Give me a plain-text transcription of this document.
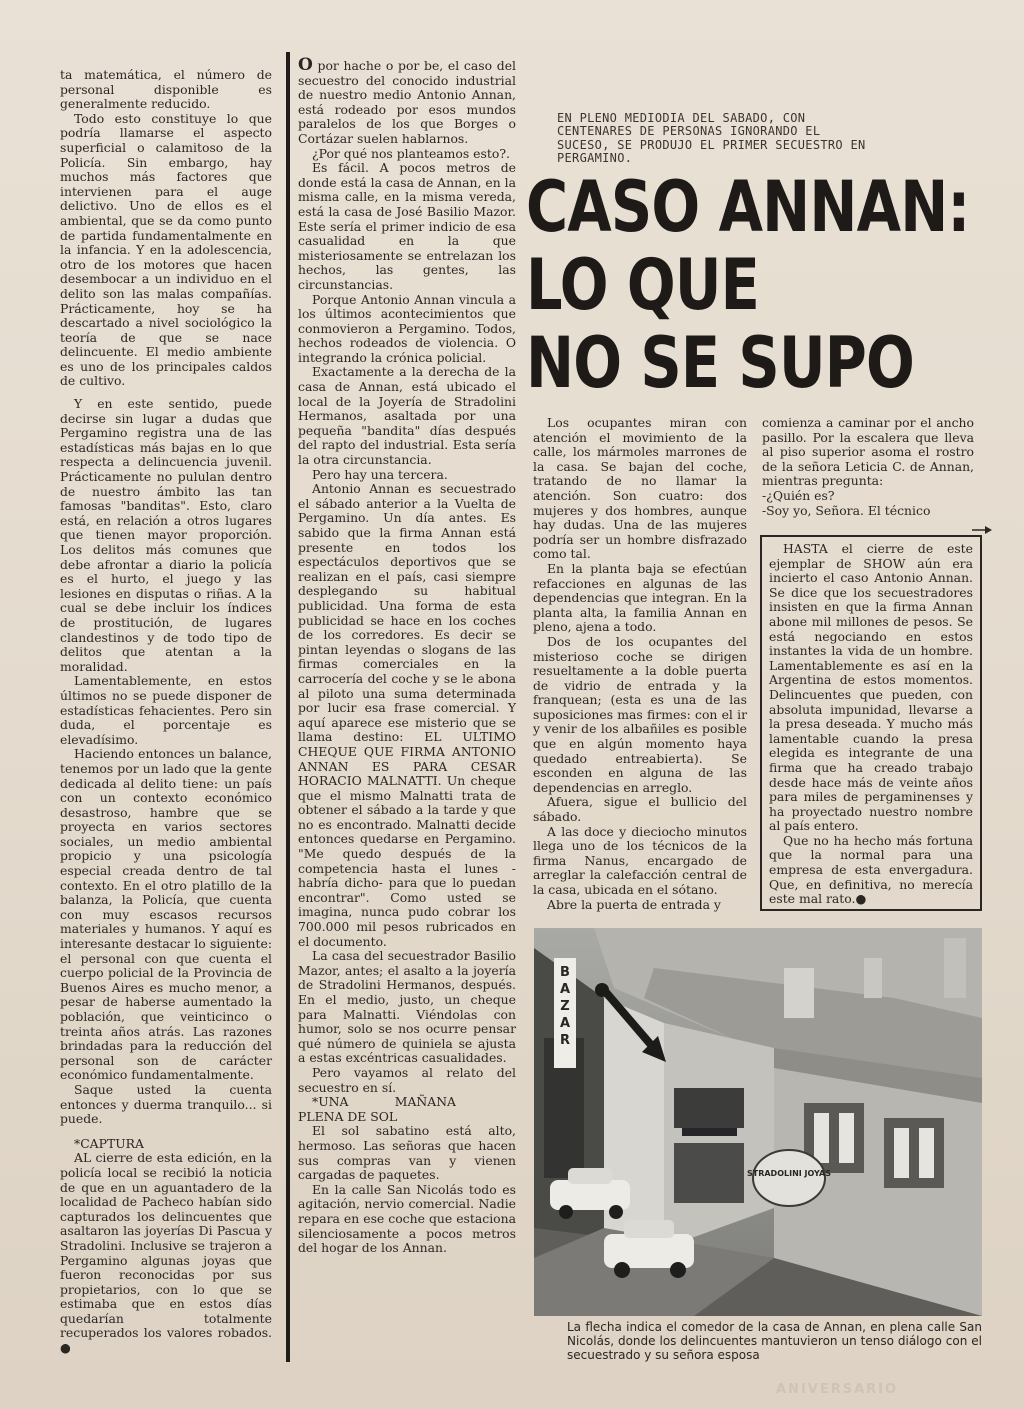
ta matemática, el número de personal disponible es generalmente reducido.

Todo esto constituye lo que podría llamarse el aspecto superficial o calamitoso de la Policía. Sin embargo, hay muchos más factores que intervienen para el auge delictivo. Uno de ellos es el ambiental, que se da como punto de partida fundamentalmente en la infancia. Y en la adolescencia, otro de los motores que hacen desembocar a un individuo en el delito son las malas compañías. Prácticamente, hoy se ha descartado a nivel sociológico la teoría de que se nace delincuente. El medio ambiente es uno de los principales caldos de cultivo.

Y en este sentido, puede decirse sin lugar a dudas que Pergamino registra una de las estadísticas más bajas en lo que respecta a delincuencia juvenil. Prácticamente no pululan dentro de nuestro ámbito las tan famosas "banditas". Esto, claro está, en relación a otros lugares que tienen mayor proporción. Los delitos más comunes que debe afrontar a diario la policía es el hurto, el juego y las lesiones en disputas o riñas. A la cual se debe incluir los índices de prostitución, de lugares clandestinos y de todo tipo de delitos que atentan a la moralidad.

Lamentablemente, en estos últimos no se puede disponer de estadísticas fehacientes. Pero sin duda, el porcentaje es elevadísimo.

Haciendo entonces un balance, tenemos por un lado que la gente dedicada al delito tiene: un país con un contexto económico desastroso, hambre que se proyecta en varios sectores sociales, un medio ambiental propicio y una psicología especial creada dentro de tal contexto. En el otro platillo de la balanza, la Policía, que cuenta con muy escasos recursos materiales y humanos. Y aquí es interesante destacar lo siguiente: el personal con que cuenta el cuerpo policial de la Provincia de Buenos Aires es mucho menor, a pesar de haberse aumentado la población, que veinticinco o treinta años atrás. Las razones brindadas para la reducción del personal son de carácter económico fundamentalmente.

Saque usted la cuenta entonces y duerma tranquilo... si puede.

*CAPTURA

AL cierre de esta edición, en la policía local se recibió la noticia de que en un aguantadero de la localidad de Pacheco habían sido capturados los delincuentes que asaltaron las joyerías Di Pascua y Stradolini. Inclusive se trajeron a Pergamino algunas joyas que fueron reconocidas por sus propietarios, con lo que se estimaba que en estos días quedarían totalmente recuperados los valores robados. ●

O por hache o por be, el caso del secuestro del conocido industrial de nuestro medio Antonio Annan, está rodeado por esos mundos paralelos de los que Borges o Cortázar suelen hablarnos.

¿Por qué nos planteamos esto?.

Es fácil. A pocos metros de donde está la casa de Annan, en la misma calle, en la misma vereda, está la casa de José Basilio Mazor. Este sería el primer indicio de esa casualidad en la que misteriosamente se entrelazan los hechos, las gentes, las circunstancias.

Porque Antonio Annan vincula a los últimos acontecimientos que conmovieron a Pergamino. Todos, hechos rodeados de violencia. O integrando la crónica policial.

Exactamente a la derecha de la casa de Annan, está ubicado el local de la Joyería de Stradolini Hermanos, asaltada por una pequeña "bandita" días después del rapto del industrial. Esta sería la otra circunstancia.

Pero hay una tercera.

Antonio Annan es secuestrado el sábado anterior a la Vuelta de Pergamino. Un día antes. Es sabido que la firma Annan está presente en todos los espectáculos deportivos que se realizan en el país, casi siempre desplegando su habitual publicidad. Una forma de esta publicidad se hace en los coches de los corredores. Es decir se pintan leyendas o slogans de las firmas comerciales en la carrocería del coche y se le abona al piloto una suma determinada por lucir esa frase comercial. Y aquí aparece ese misterio que se llama destino: EL ULTIMO CHEQUE QUE FIRMA ANTONIO ANNAN ES PARA CESAR HORACIO MALNATTI. Un cheque que el mismo Malnatti trata de obtener el sábado a la tarde y que no es encontrado. Malnatti decide entonces quedarse en Pergamino. "Me quedo después de la competencia hasta el lunes -habría dicho- para que lo puedan encontrar". Como usted se imagina, nunca pudo cobrar los 700.000 mil pesos rubricados en el documento.

La casa del secuestrador Basilio Mazor, antes; el asalto a la joyería de Stradolini Hermanos, después. En el medio, justo, un cheque para Malnatti. Viéndolas con humor, solo se nos ocurre pensar qué número de quiniela se ajusta a estas excéntricas casualidades.

Pero vayamos al relato del secuestro en sí.

*UNA MAÑANA PLENA DE SOL

El sol sabatino está alto, hermoso. Las señoras que hacen sus compras van y vienen cargadas de paquetes.

En la calle San Nicolás todo es agitación, nervio comercial. Nadie repara en ese coche que estaciona silenciosamente a pocos metros del hogar de los Annan.

EN PLENO MEDIODIA DEL SABADO, CON CENTENARES DE PERSONAS IGNORANDO EL SUCESO, SE PRODUJO EL PRIMER SECUESTRO EN PERGAMINO.
CASO ANNAN:
LO QUE
NO SE SUPO

Los ocupantes miran con atención el movimiento de la calle, los mármoles marrones de la casa. Se bajan del coche, tratando de no llamar la atención. Son cuatro: dos mujeres y dos hombres, aunque hay dudas. Una de las mujeres podría ser un hombre disfrazado como tal.

En la planta baja se efectúan refacciones en algunas de las dependencias que integran. En la planta alta, la familia Annan en pleno, ajena a todo.

Dos de los ocupantes del misterioso coche se dirigen resueltamente a la doble puerta de vidrio de entrada y la franquean; (esta es una de las suposiciones mas firmes: con el ir y venir de los albañiles es posible que en algún momento haya quedado entreabierta). Se esconden en alguna de las dependencias en arreglo.

Afuera, sigue el bullicio del sábado.

A las doce y dieciocho minutos llega uno de los técnicos de la firma Nanus, encargado de arreglar la calefacción central de la casa, ubicada en el sótano.

Abre la puerta de entrada y

comienza a caminar por el ancho pasillo. Por la escalera que lleva al piso superior asoma el rostro de la señora Leticia C. de Annan, mientras pregunta:

-¿Quién es?

-Soy yo, Señora. El técnico

HASTA el cierre de este ejemplar de SHOW aún era incierto el caso Antonio Annan. Se dice que los secuestradores insisten en que la firma Annan abone mil millones de pesos. Se está negociando en estos instantes la vida de un hombre. Lamentablemente es así en la Argentina de estos momentos. Delincuentes que pueden, con absoluta impunidad, llevarse a la presa deseada. Y mucho más lamentable cuando la presa elegida es integrante de una firma que ha creado trabajo desde hace más de veinte años para miles de pergaminenses y ha proyectado nuestro nombre al país entero.

Que no ha hecho más fortuna que la normal para una empresa de esta envergadura. Que, en definitiva, no merecía este mal rato.●

B A Z A R
STRADOLINI JOYAS
La flecha indica el comedor de la casa de Annan, en plena calle San Nicolás, donde los delincuentes mantuvieron un tenso diálogo con el secuestrado y su señora esposa
ANIVERSARIO
